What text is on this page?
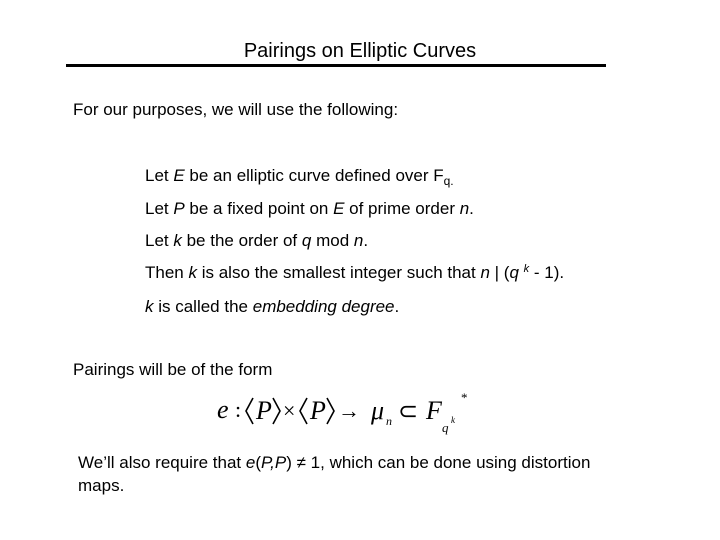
Pairings on Elliptic Curves
For our purposes, we will use the following:
Let E be an elliptic curve defined over $F_{q.}$
Let P be a fixed point on E of prime order n.
Let k be the order of q mod n.
Then k is also the smallest integer such that n | (q $^k$ - 1).
k is called the embedding degree.
Pairings will be of the form
e : P × P → μ n ⊂ F
q k
*
We’ll also require that e(P,P) ≠ 1, which can be done using distortion maps.
